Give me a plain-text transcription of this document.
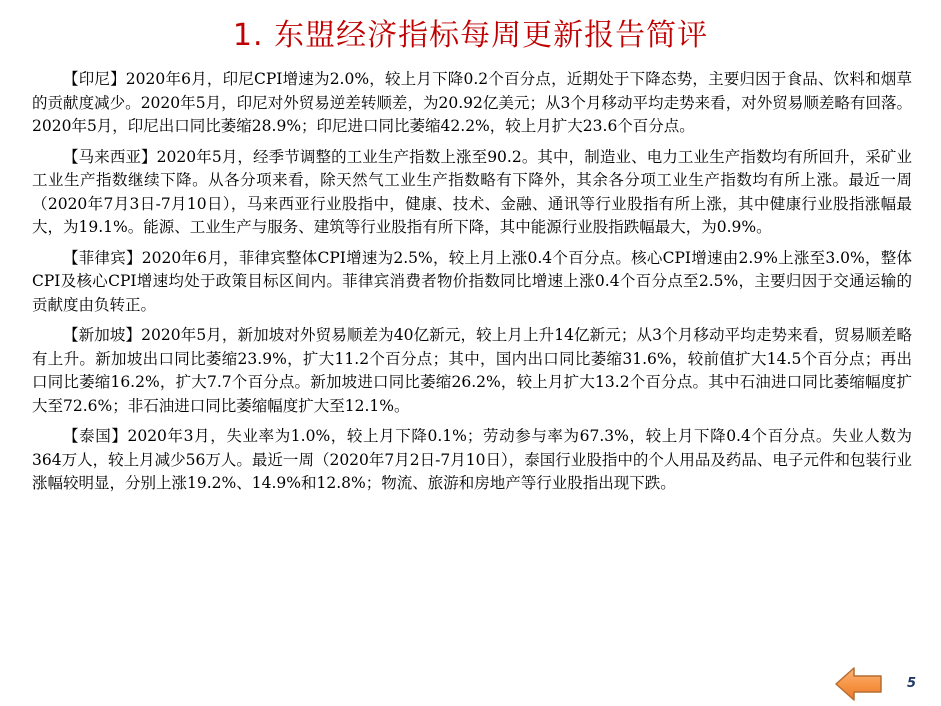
1. 东盟经济指标每周更新报告简评

【印尼】2020年6月，印尼CPI增速为2.0%，较上月下降0.2个百分点，近期处于下降态势，主要归因于食品、饮料和烟草的贡献度减少。2020年5月，印尼对外贸易逆差转顺差，为20.92亿美元；从3个月移动平均走势来看，对外贸易顺差略有回落。2020年5月，印尼出口同比萎缩28.9%；印尼进口同比萎缩42.2%，较上月扩大23.6个百分点。

【马来西亚】2020年5月，经季节调整的工业生产指数上涨至90.2。其中，制造业、电力工业生产指数均有所回升，采矿业工业生产指数继续下降。从各分项来看，除天然气工业生产指数略有下降外，其余各分项工业生产指数均有所上涨。最近一周（2020年7月3日-7月10日），马来西亚行业股指中，健康、技术、金融、通讯等行业股指有所上涨，其中健康行业股指涨幅最大，为19.1%。能源、工业生产与服务、建筑等行业股指有所下降，其中能源行业股指跌幅最大，为0.9%。

【菲律宾】2020年6月，菲律宾整体CPI增速为2.5%，较上月上涨0.4个百分点。核心CPI增速由2.9%上涨至3.0%，整体CPI及核心CPI增速均处于政策目标区间内。菲律宾消费者物价指数同比增速上涨0.4个百分点至2.5%，主要归因于交通运输的贡献度由负转正。

【新加坡】2020年5月，新加坡对外贸易顺差为40亿新元，较上月上升14亿新元；从3个月移动平均走势来看，贸易顺差略有上升。新加坡出口同比萎缩23.9%，扩大11.2个百分点；其中，国内出口同比萎缩31.6%，较前值扩大14.5个百分点；再出口同比萎缩16.2%，扩大7.7个百分点。新加坡进口同比萎缩26.2%，较上月扩大13.2个百分点。其中石油进口同比萎缩幅度扩大至72.6%；非石油进口同比萎缩幅度扩大至12.1%。

【泰国】2020年3月，失业率为1.0%，较上月下降0.1%；劳动参与率为67.3%，较上月下降0.4个百分点。失业人数为364万人，较上月减少56万人。最近一周（2020年7月2日-7月10日），泰国行业股指中的个人用品及药品、电子元件和包装行业涨幅较明显，分别上涨19.2%、14.9%和12.8%；物流、旅游和房地产等行业股指出现下跌。

5
